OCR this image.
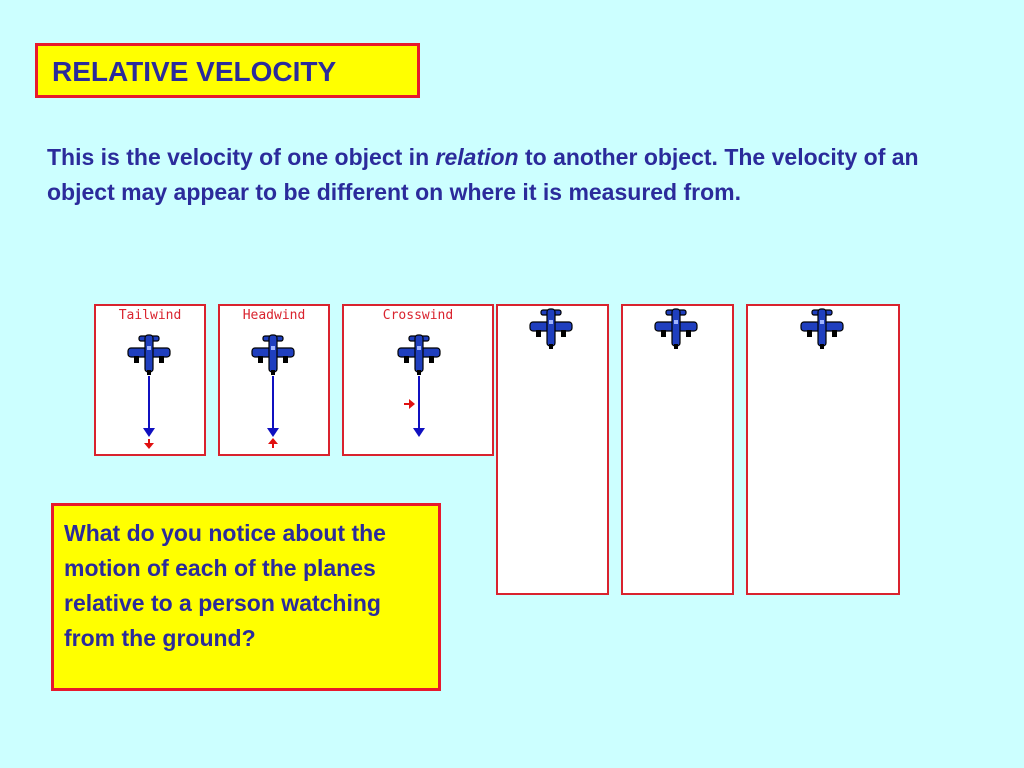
RELATIVE VELOCITY
This is the velocity of one object in relation to another object. The velocity of an object may appear to be different on where it is measured from.
Tailwind	Headwind	Crosswind
What do you notice about the motion of each of the planes relative to a person watching from the ground?
